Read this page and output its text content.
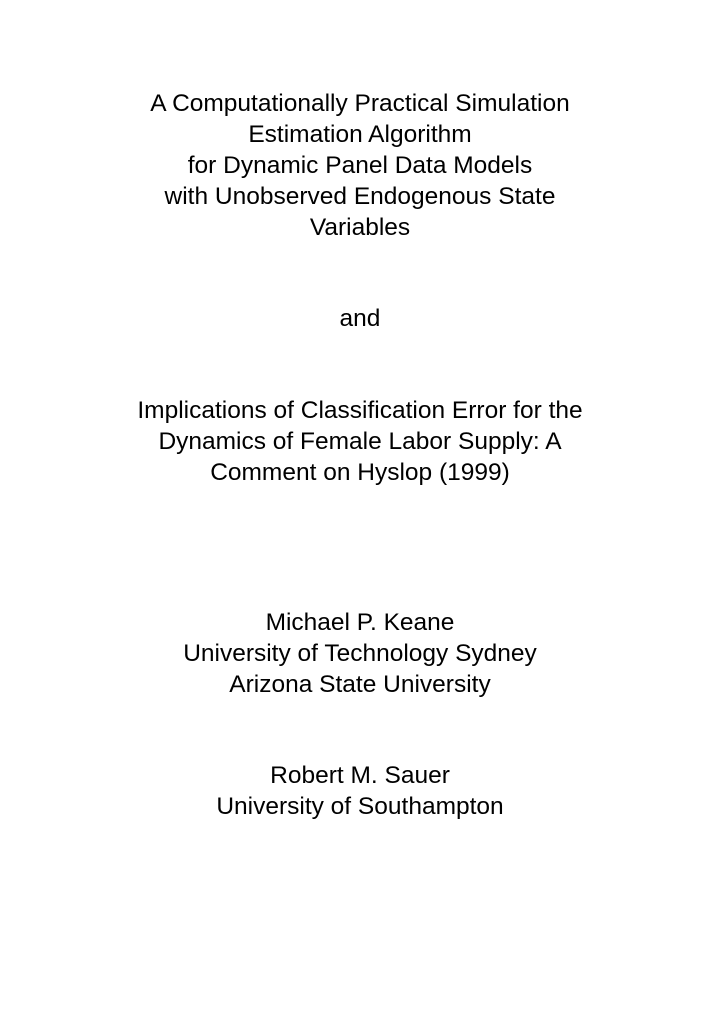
A Computationally Practical Simulation
Estimation Algorithm
for Dynamic Panel Data Models
with Unobserved Endogenous State
Variables

and

Implications of Classification Error for the
Dynamics of Female Labor Supply: A
Comment on Hyslop (1999)
Michael P. Keane
University of Technology Sydney
Arizona State University
Robert M. Sauer
University of Southampton
